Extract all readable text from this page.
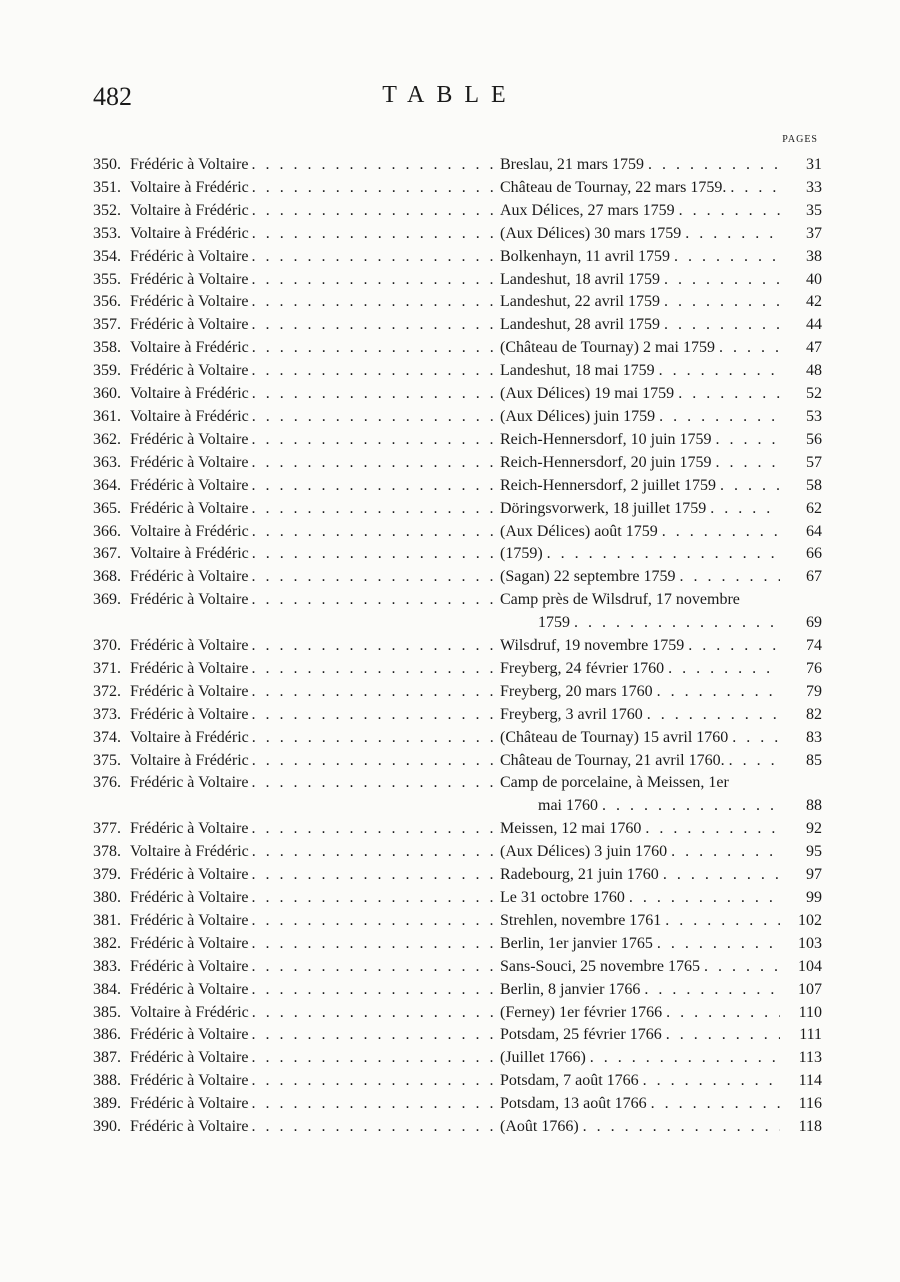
482	TABLE
PAGES
350. Frédéric à Voltaire . . .	Breslau, 21 mars 1759 . . .	31
351. Voltaire à Frédéric . . .	Château de Tournay, 22 mars 1759. . . .	33
352. Voltaire à Frédéric . . .	Aux Délices, 27 mars 1759 . . .	35
353. Voltaire à Frédéric . . .	(Aux Délices) 30 mars 1759 . . .	37
354. Frédéric à Voltaire . . .	Bolkenhayn, 11 avril 1759 . . .	38
355. Frédéric à Voltaire . . .	Landeshut, 18 avril 1759 . . .	40
356. Frédéric à Voltaire . . .	Landeshut, 22 avril 1759 . . .	42
357. Frédéric à Voltaire . . .	Landeshut, 28 avril 1759 . . .	44
358. Voltaire à Frédéric . . .	(Château de Tournay) 2 mai 1759 . . .	47
359. Frédéric à Voltaire . . .	Landeshut, 18 mai 1759 . . .	48
360. Voltaire à Frédéric . . .	(Aux Délices) 19 mai 1759 . . .	52
361. Voltaire à Frédéric . . .	(Aux Délices) juin 1759 . . .	53
362. Frédéric à Voltaire . . .	Reich-Hennersdorf, 10 juin 1759 . . .	56
363. Frédéric à Voltaire . . .	Reich-Hennersdorf, 20 juin 1759 . . .	57
364. Frédéric à Voltaire . . .	Reich-Hennersdorf, 2 juillet 1759 . . .	58
365. Frédéric à Voltaire . . .	Döringsvorwerk, 18 juillet 1759 . . .	62
366. Voltaire à Frédéric . . .	(Aux Délices) août 1759 . . .	64
367. Voltaire à Frédéric . . .	(1759) . . .	66
368. Frédéric à Voltaire . . .	(Sagan) 22 septembre 1759 . . .	67
369. Frédéric à Voltaire . . .	Camp près de Wilsdruf, 17 novembre
1759 . . .	69
370. Frédéric à Voltaire . . .	Wilsdruf, 19 novembre 1759 . . .	74
371. Frédéric à Voltaire . . .	Freyberg, 24 février 1760 . . .	76
372. Frédéric à Voltaire . . .	Freyberg, 20 mars 1760 . . .	79
373. Frédéric à Voltaire . . .	Freyberg, 3 avril 1760 . . .	82
374. Voltaire à Frédéric . . .	(Château de Tournay) 15 avril 1760 . . .	83
375. Voltaire à Frédéric . . .	Château de Tournay, 21 avril 1760. . . .	85
376. Frédéric à Voltaire . . .	Camp de porcelaine, à Meissen, 1er
mai 1760 . . .	88
377. Frédéric à Voltaire . . .	Meissen, 12 mai 1760 . . .	92
378. Voltaire à Frédéric . . .	(Aux Délices) 3 juin 1760 . . .	95
379. Frédéric à Voltaire . . .	Radebourg, 21 juin 1760 . . .	97
380. Frédéric à Voltaire . . .	Le 31 octobre 1760 . . .	99
381. Frédéric à Voltaire . . .	Strehlen, novembre 1761 . . .	102
382. Frédéric à Voltaire . . .	Berlin, 1er janvier 1765 . . .	103
383. Frédéric à Voltaire . . .	Sans-Souci, 25 novembre 1765 . . .	104
384. Frédéric à Voltaire . . .	Berlin, 8 janvier 1766 . . .	107
385. Voltaire à Frédéric . . .	(Ferney) 1er février 1766 . . .	110
386. Frédéric à Voltaire . . .	Potsdam, 25 février 1766 . . .	111
387. Frédéric à Voltaire . . .	(Juillet 1766) . . .	113
388. Frédéric à Voltaire . . .	Potsdam, 7 août 1766 . . .	114
389. Frédéric à Voltaire . . .	Potsdam, 13 août 1766 . . .	116
390. Frédéric à Voltaire . . .	(Août 1766) . . .	118
